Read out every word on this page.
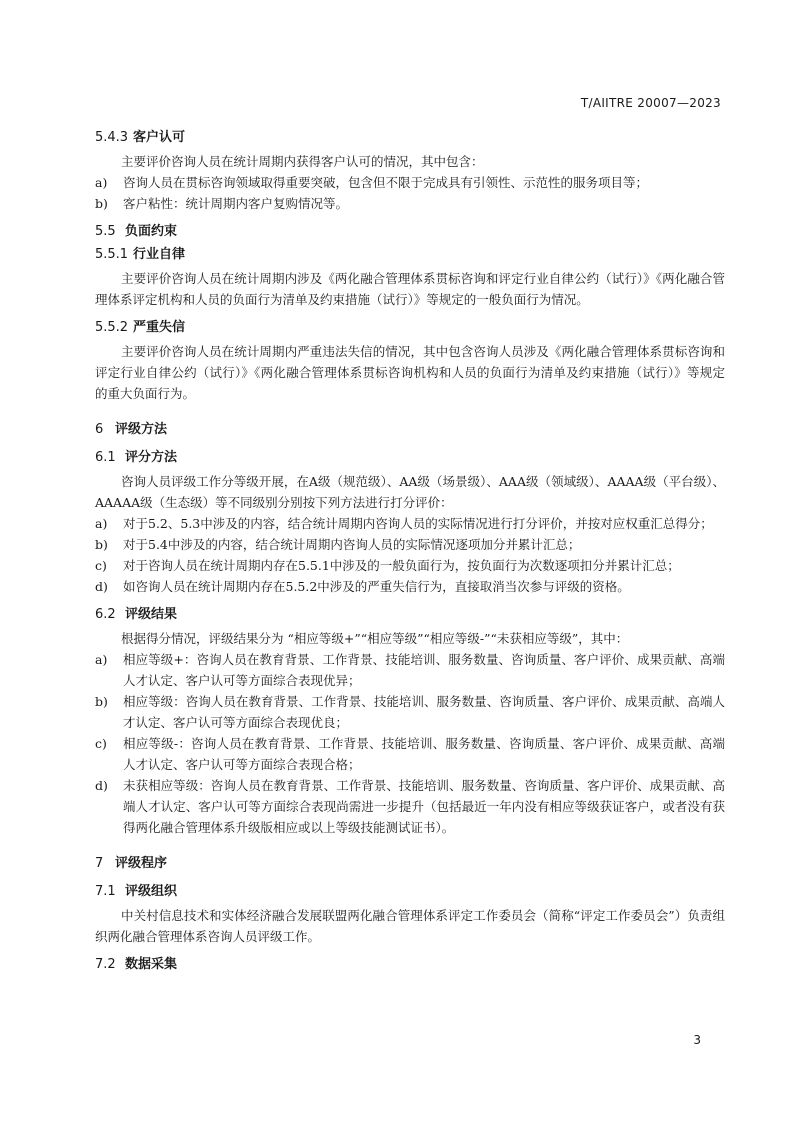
T/AIITRE 20007—2023
5.4.3 客户认可
主要评价咨询人员在统计周期内获得客户认可的情况，其中包含：
a)	咨询人员在贯标咨询领域取得重要突破，包含但不限于完成具有引领性、示范性的服务项目等；
b)	客户粘性：统计周期内客户复购情况等。
5.5 负面约束
5.5.1 行业自律
主要评价咨询人员在统计周期内涉及《两化融合管理体系贯标咨询和评定行业自律公约（试行）》《两化融合管理体系评定机构和人员的负面行为清单及约束措施（试行）》等规定的一般负面行为情况。
5.5.2 严重失信
主要评价咨询人员在统计周期内严重违法失信的情况，其中包含咨询人员涉及《两化融合管理体系贯标咨询和评定行业自律公约（试行）》《两化融合管理体系贯标咨询机构和人员的负面行为清单及约束措施（试行）》等规定的重大负面行为。
6 评级方法
6.1 评分方法
咨询人员评级工作分等级开展，在A级（规范级）、AA级（场景级）、AAA级（领域级）、AAAA级（平台级）、AAAAA级（生态级）等不同级别分别按下列方法进行打分评价：
a)	对于5.2、5.3中涉及的内容，结合统计周期内咨询人员的实际情况进行打分评价，并按对应权重汇总得分；
b)	对于5.4中涉及的内容，结合统计周期内咨询人员的实际情况逐项加分并累计汇总；
c)	对于咨询人员在统计周期内存在5.5.1中涉及的一般负面行为，按负面行为次数逐项扣分并累计汇总；
d)	如咨询人员在统计周期内存在5.5.2中涉及的严重失信行为，直接取消当次参与评级的资格。
6.2 评级结果
根据得分情况，评级结果分为 “相应等级+”“相应等级”“相应等级-”“未获相应等级”，其中：
a)	相应等级+：咨询人员在教育背景、工作背景、技能培训、服务数量、咨询质量、客户评价、成果贡献、高端人才认定、客户认可等方面综合表现优异；
b)	相应等级：咨询人员在教育背景、工作背景、技能培训、服务数量、咨询质量、客户评价、成果贡献、高端人才认定、客户认可等方面综合表现优良；
c)	相应等级-：咨询人员在教育背景、工作背景、技能培训、服务数量、咨询质量、客户评价、成果贡献、高端人才认定、客户认可等方面综合表现合格；
d)	未获相应等级：咨询人员在教育背景、工作背景、技能培训、服务数量、咨询质量、客户评价、成果贡献、高端人才认定、客户认可等方面综合表现尚需进一步提升（包括最近一年内没有相应等级获证客户，或者没有获得两化融合管理体系升级版相应或以上等级技能测试证书）。
7 评级程序
7.1 评级组织
中关村信息技术和实体经济融合发展联盟两化融合管理体系评定工作委员会（简称“评定工作委员会”）负责组织两化融合管理体系咨询人员评级工作。
7.2 数据采集
3
